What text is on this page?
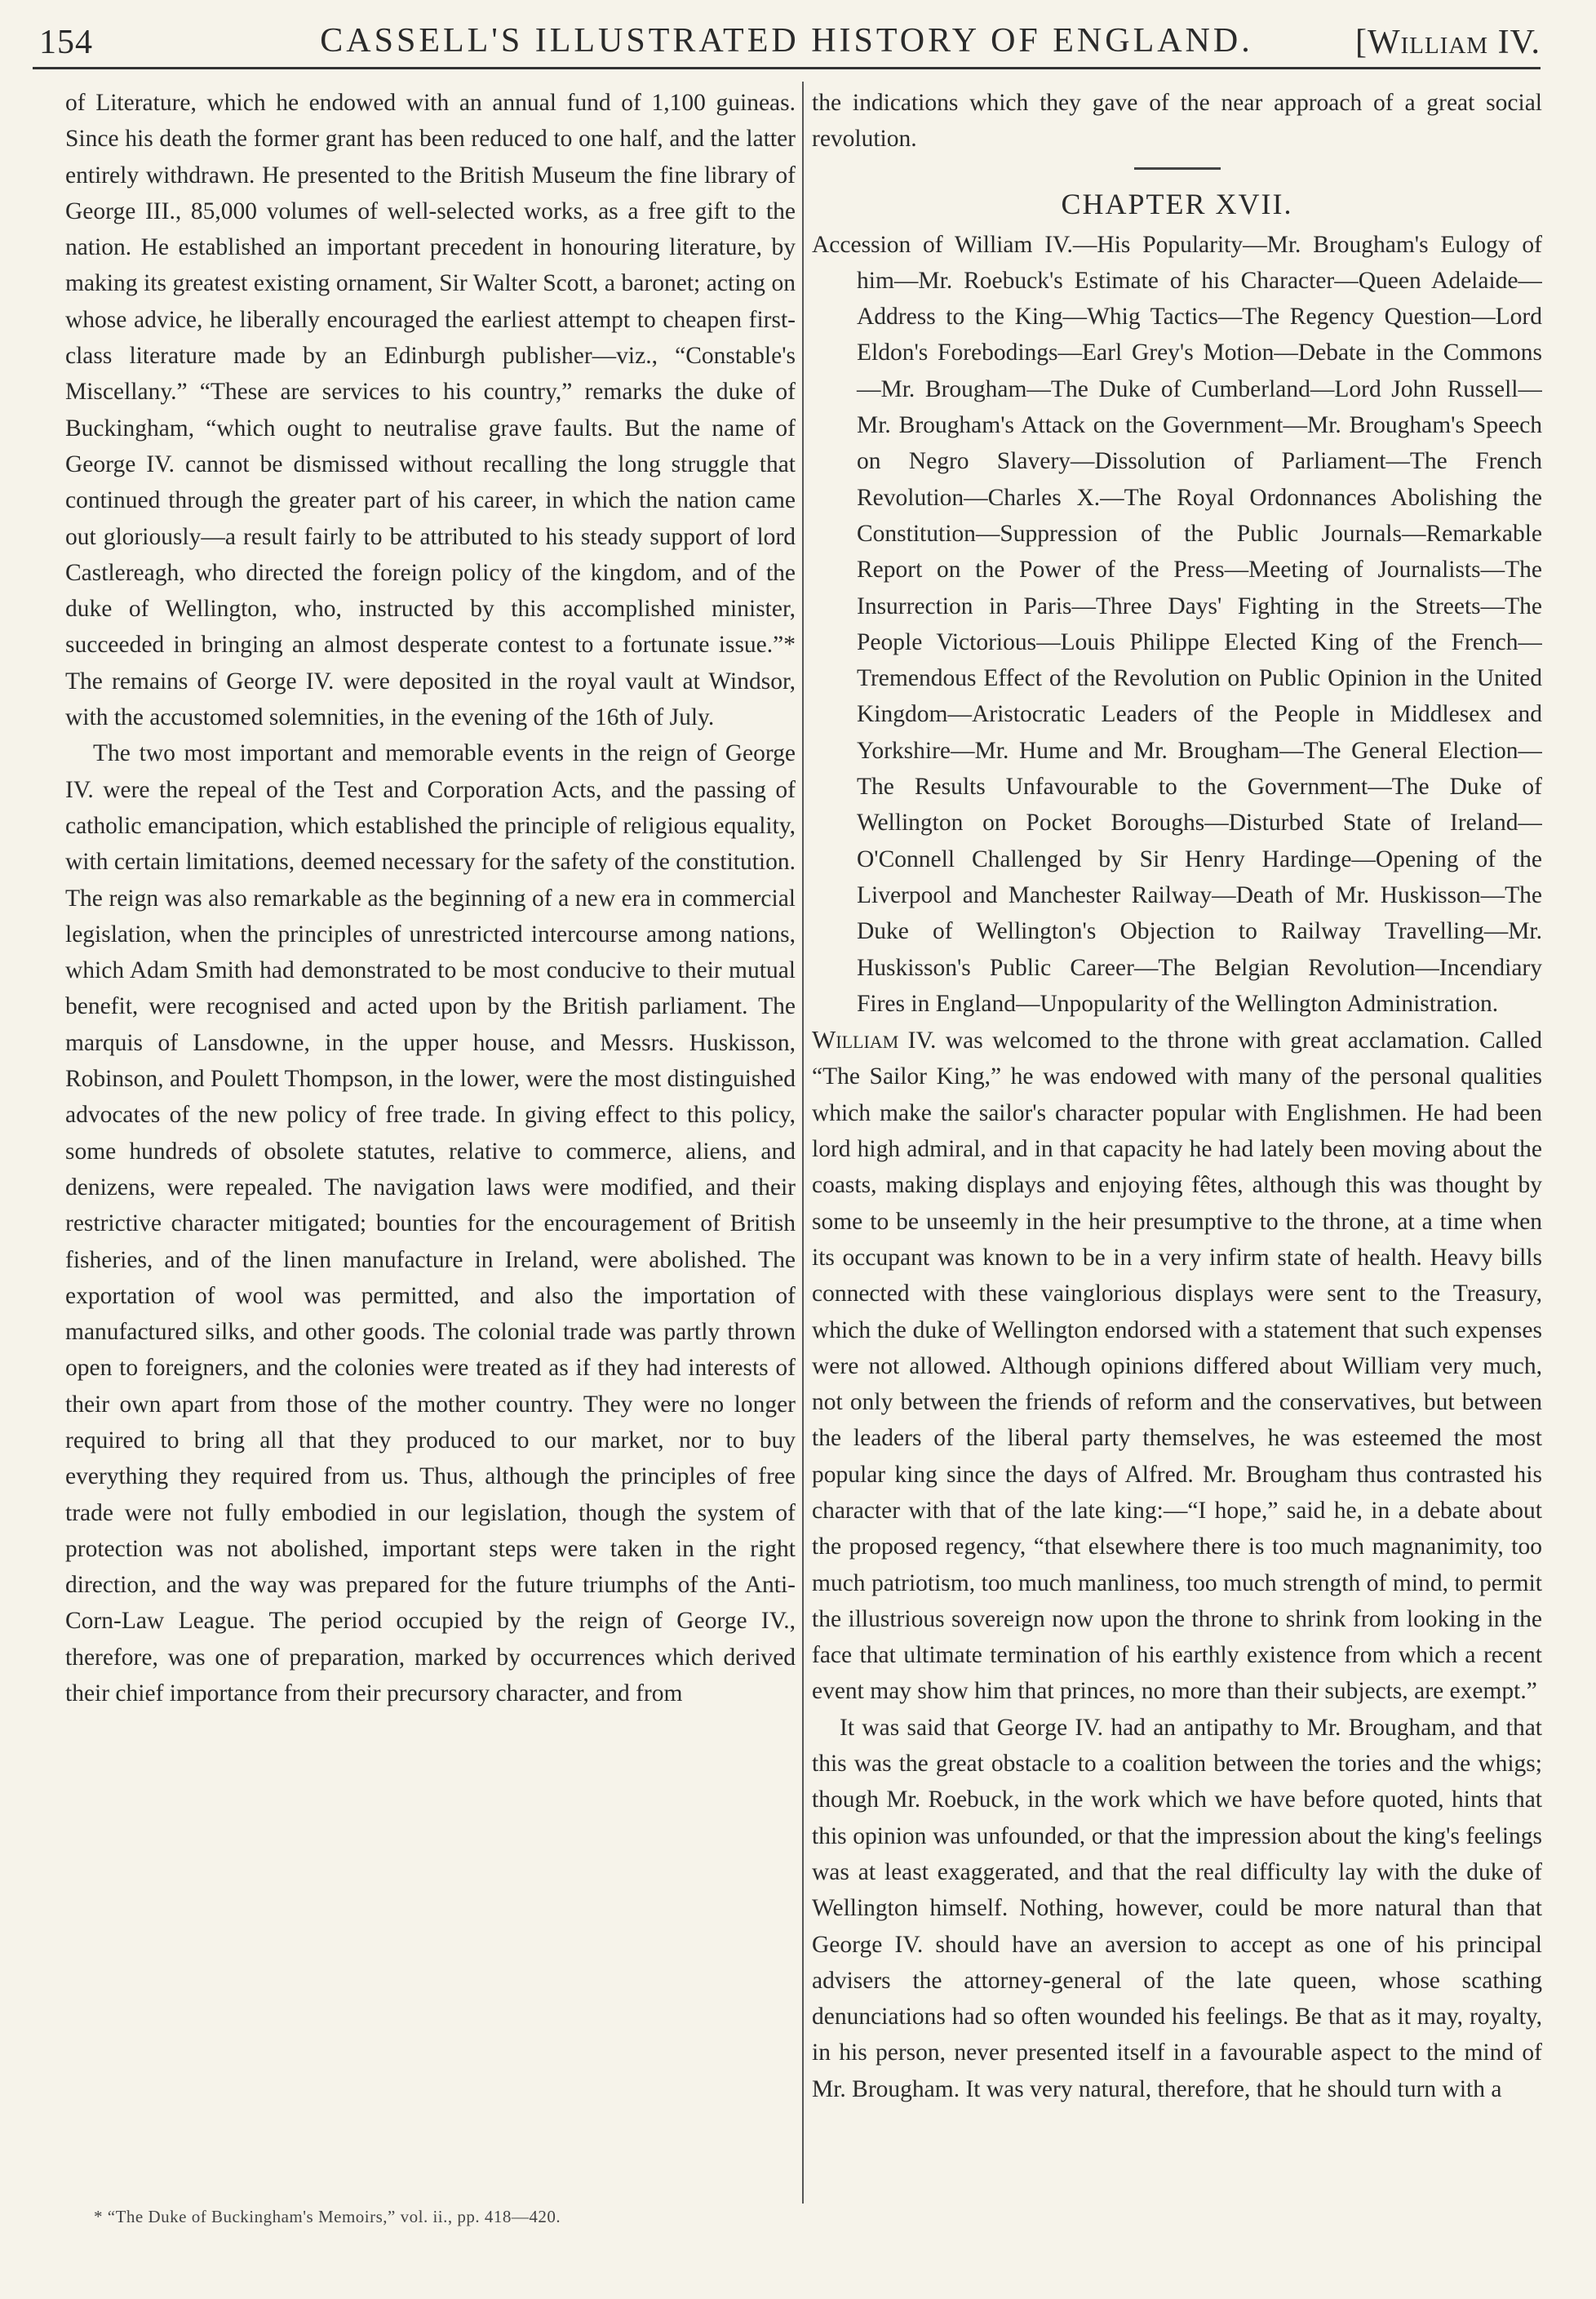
154	CASSELL'S ILLUSTRATED HISTORY OF ENGLAND.	[William IV.

of Literature, which he endowed with an annual fund of 1,100 guineas. Since his death the former grant has been reduced to one half, and the latter entirely withdrawn. He presented to the British Museum the fine library of George III., 85,000 volumes of well-selected works, as a free gift to the nation. He established an important precedent in honouring literature, by making its greatest existing ornament, Sir Walter Scott, a baronet; acting on whose advice, he liberally encouraged the earliest attempt to cheapen first-class literature made by an Edinburgh publisher—viz., “Constable's Miscellany.” “These are services to his country,” remarks the duke of Buckingham, “which ought to neutralise grave faults. But the name of George IV. cannot be dismissed without recalling the long struggle that continued through the greater part of his career, in which the nation came out gloriously—a result fairly to be attributed to his steady support of lord Castlereagh, who directed the foreign policy of the kingdom, and of the duke of Wellington, who, instructed by this accomplished minister, succeeded in bringing an almost desperate contest to a fortunate issue.”* The remains of George IV. were deposited in the royal vault at Windsor, with the accustomed solemnities, in the evening of the 16th of July.

The two most important and memorable events in the reign of George IV. were the repeal of the Test and Corporation Acts, and the passing of catholic emancipation, which established the principle of religious equality, with certain limitations, deemed necessary for the safety of the constitution. The reign was also remarkable as the beginning of a new era in commercial legislation, when the principles of unrestricted intercourse among nations, which Adam Smith had demonstrated to be most conducive to their mutual benefit, were recognised and acted upon by the British parliament. The marquis of Lansdowne, in the upper house, and Messrs. Huskisson, Robinson, and Poulett Thompson, in the lower, were the most distinguished advocates of the new policy of free trade. In giving effect to this policy, some hundreds of obsolete statutes, relative to commerce, aliens, and denizens, were repealed. The navigation laws were modified, and their restrictive character mitigated; bounties for the encouragement of British fisheries, and of the linen manufacture in Ireland, were abolished. The exportation of wool was permitted, and also the importation of manufactured silks, and other goods. The colonial trade was partly thrown open to foreigners, and the colonies were treated as if they had interests of their own apart from those of the mother country. They were no longer required to bring all that they produced to our market, nor to buy everything they required from us. Thus, although the principles of free trade were not fully embodied in our legislation, though the system of protection was not abolished, important steps were taken in the right direction, and the way was prepared for the future triumphs of the Anti-Corn-Law League. The period occupied by the reign of George IV., therefore, was one of preparation, marked by occurrences which derived their chief importance from their precursory character, and from

the indications which they gave of the near approach of a great social revolution.

CHAPTER XVII.

Accession of William IV.—His Popularity—Mr. Brougham's Eulogy of him—Mr. Roebuck's Estimate of his Character—Queen Adelaide—Address to the King—Whig Tactics—The Regency Question—Lord Eldon's Forebodings—Earl Grey's Motion—Debate in the Commons—Mr. Brougham—The Duke of Cumberland—Lord John Russell—Mr. Brougham's Attack on the Government—Mr. Brougham's Speech on Negro Slavery—Dissolution of Parliament—The French Revolution—Charles X.—The Royal Ordonnances Abolishing the Constitution—Suppression of the Public Journals—Remarkable Report on the Power of the Press—Meeting of Journalists—The Insurrection in Paris—Three Days' Fighting in the Streets—The People Victorious—Louis Philippe Elected King of the French—Tremendous Effect of the Revolution on Public Opinion in the United Kingdom—Aristocratic Leaders of the People in Middlesex and Yorkshire—Mr. Hume and Mr. Brougham—The General Election—The Results Unfavourable to the Government—The Duke of Wellington on Pocket Boroughs—Disturbed State of Ireland—O'Connell Challenged by Sir Henry Hardinge—Opening of the Liverpool and Manchester Railway—Death of Mr. Huskisson—The Duke of Wellington's Objection to Railway Travelling—Mr. Huskisson's Public Career—The Belgian Revolution—Incendiary Fires in England—Unpopularity of the Wellington Administration.

William IV. was welcomed to the throne with great acclamation. Called “The Sailor King,” he was endowed with many of the personal qualities which make the sailor's character popular with Englishmen. He had been lord high admiral, and in that capacity he had lately been moving about the coasts, making displays and enjoying fêtes, although this was thought by some to be unseemly in the heir presumptive to the throne, at a time when its occupant was known to be in a very infirm state of health. Heavy bills connected with these vainglorious displays were sent to the Treasury, which the duke of Wellington endorsed with a statement that such expenses were not allowed. Although opinions differed about William very much, not only between the friends of reform and the conservatives, but between the leaders of the liberal party themselves, he was esteemed the most popular king since the days of Alfred. Mr. Brougham thus contrasted his character with that of the late king:—“I hope,” said he, in a debate about the proposed regency, “that elsewhere there is too much magnanimity, too much patriotism, too much manliness, too much strength of mind, to permit the illustrious sovereign now upon the throne to shrink from looking in the face that ultimate termination of his earthly existence from which a recent event may show him that princes, no more than their subjects, are exempt.”

It was said that George IV. had an antipathy to Mr. Brougham, and that this was the great obstacle to a coalition between the tories and the whigs; though Mr. Roebuck, in the work which we have before quoted, hints that this opinion was unfounded, or that the impression about the king's feelings was at least exaggerated, and that the real difficulty lay with the duke of Wellington himself. Nothing, however, could be more natural than that George IV. should have an aversion to accept as one of his principal advisers the attorney-general of the late queen, whose scathing denunciations had so often wounded his feelings. Be that as it may, royalty, in his person, never presented itself in a favourable aspect to the mind of Mr. Brougham. It was very natural, therefore, that he should turn with a

* “The Duke of Buckingham's Memoirs,” vol. ii., pp. 418—420.
